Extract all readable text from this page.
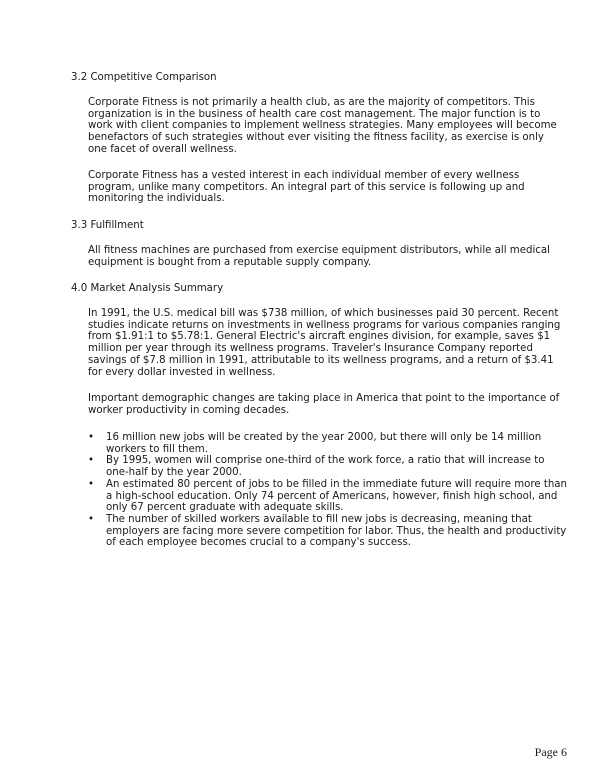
3.2 Competitive Comparison

Corporate Fitness is not primarily a health club, as are the majority of competitors. This organization is in the business of health care cost management. The major function is to work with client companies to implement wellness strategies. Many employees will become benefactors of such strategies without ever visiting the fitness facility, as exercise is only one facet of overall wellness.

Corporate Fitness has a vested interest in each individual member of every wellness program, unlike many competitors. An integral part of this service is following up and monitoring the individuals.

3.3 Fulfillment

All fitness machines are purchased from exercise equipment distributors, while all medical equipment is bought from a reputable supply company.

4.0 Market Analysis Summary

In 1991, the U.S. medical bill was $738 million, of which businesses paid 30 percent. Recent studies indicate returns on investments in wellness programs for various companies ranging from $1.91:1 to $5.78:1. General Electric's aircraft engines division, for example, saves $1 million per year through its wellness programs. Traveler's Insurance Company reported savings of $7.8 million in 1991, attributable to its wellness programs, and a return of $3.41 for every dollar invested in wellness.

Important demographic changes are taking place in America that point to the importance of worker productivity in coming decades.

•	16 million new jobs will be created by the year 2000, but there will only be 14 million workers to fill them.
•	By 1995, women will comprise one-third of the work force, a ratio that will increase to one-half by the year 2000.
•	An estimated 80 percent of jobs to be filled in the immediate future will require more than a high-school education. Only 74 percent of Americans, however, finish high school, and only 67 percent graduate with adequate skills.
•	The number of skilled workers available to fill new jobs is decreasing, meaning that employers are facing more severe competition for labor. Thus, the health and productivity of each employee becomes crucial to a company's success.
Page 6
